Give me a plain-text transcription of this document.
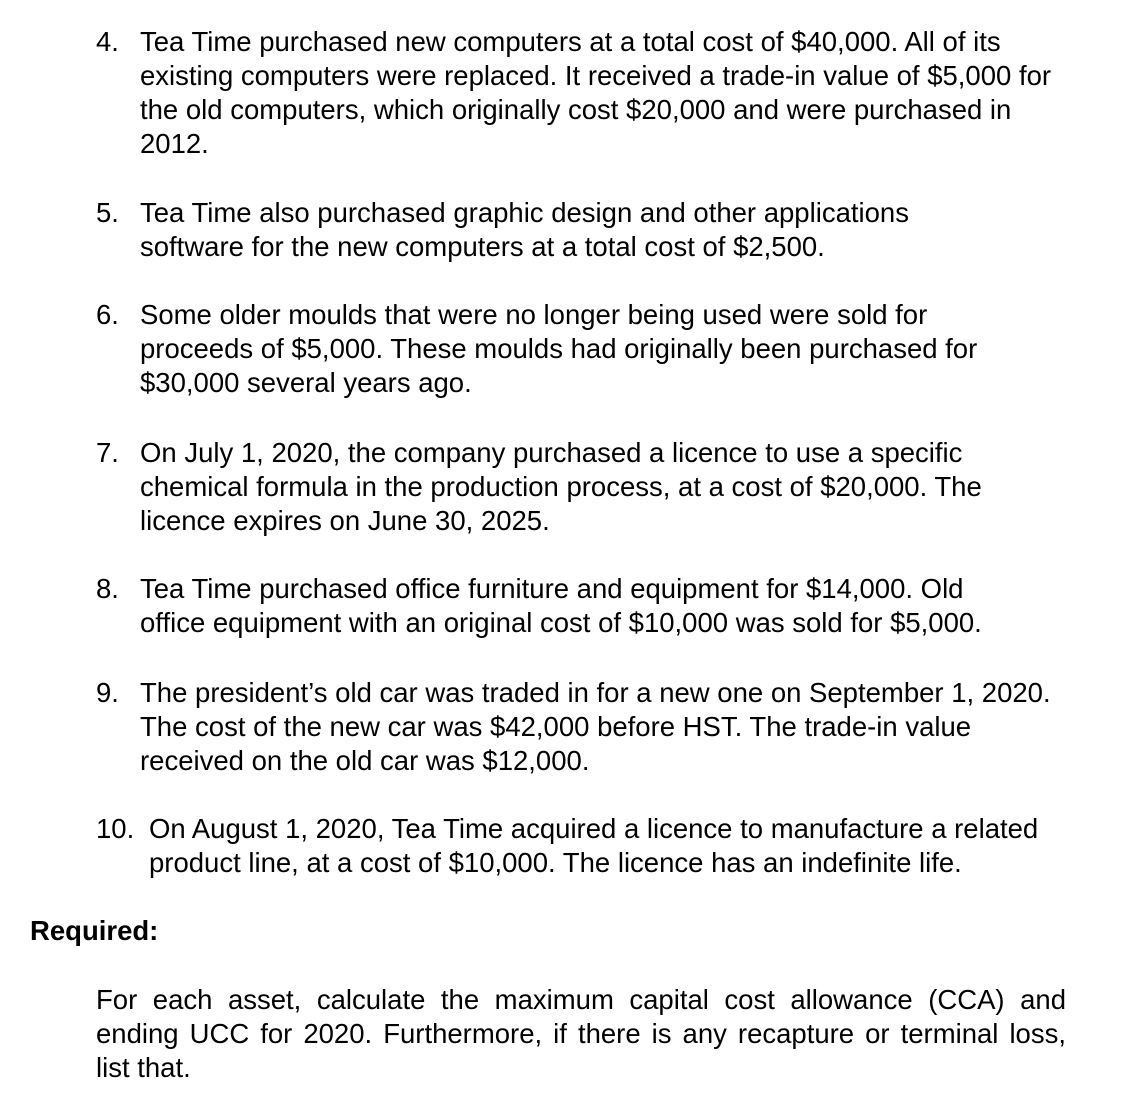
4. Tea Time purchased new computers at a total cost of $40,000. All of its
existing computers were replaced. It received a trade-in value of $5,000 for
the old computers, which originally cost $20,000 and were purchased in
2012.
5. Tea Time also purchased graphic design and other applications
software for the new computers at a total cost of $2,500.
6. Some older moulds that were no longer being used were sold for
proceeds of $5,000. These moulds had originally been purchased for
$30,000 several years ago.
7. On July 1, 2020, the company purchased a licence to use a specific
chemical formula in the production process, at a cost of $20,000. The
licence expires on June 30, 2025.
8. Tea Time purchased office furniture and equipment for $14,000. Old
office equipment with an original cost of $10,000 was sold for $5,000.
9. The president’s old car was traded in for a new one on September 1, 2020.
The cost of the new car was $42,000 before HST. The trade-in value
received on the old car was $12,000.
10. On August 1, 2020, Tea Time acquired a licence to manufacture a related
product line, at a cost of $10,000. The licence has an indefinite life.
Required:
For each asset, calculate the maximum capital cost allowance (CCA) and ending UCC for 2020. Furthermore, if there is any recapture or terminal loss, list that.
